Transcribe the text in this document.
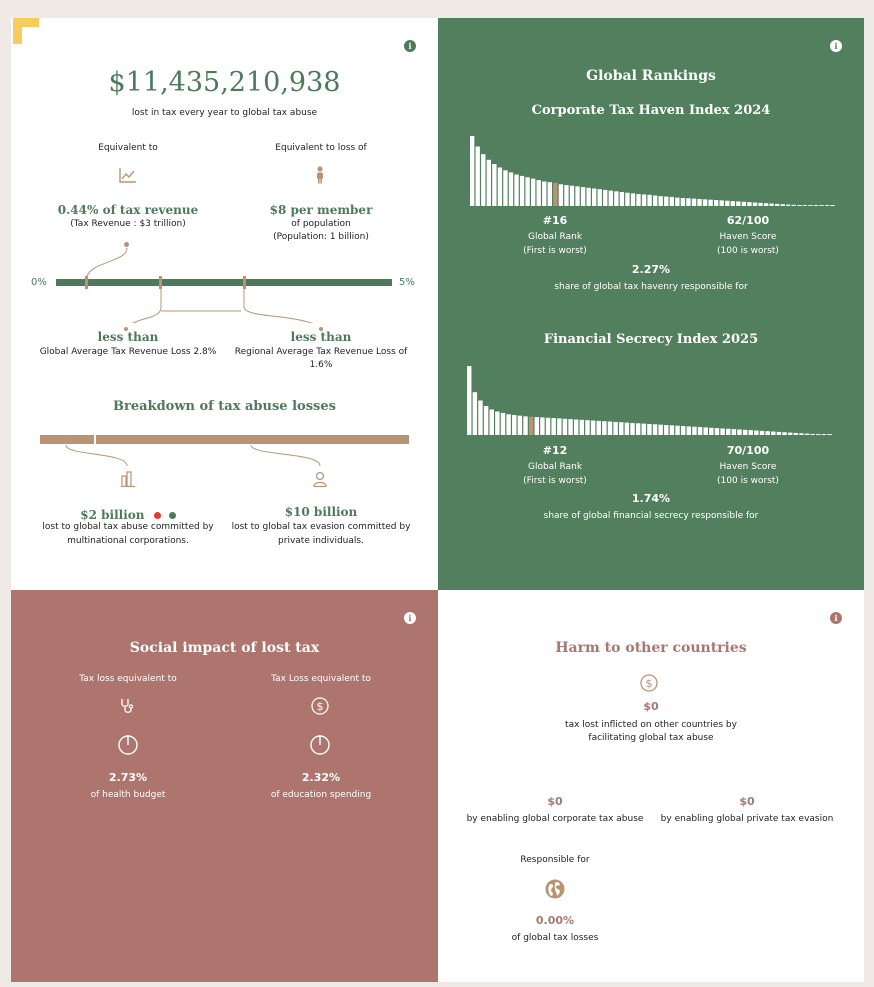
i
$11,435,210,938
lost in tax every year to global tax abuse
Equivalent to
0.44% of tax revenue
(Tax Revenue : $3 trillion)
Equivalent to loss of
$8 per member
of population
(Population: 1 billion)
0%	5%
less than
Global Average Tax Revenue Loss 2.8%
less than
Regional Average Tax Revenue Loss of
1.6%
Breakdown of tax abuse losses
$2 billion
lost to global tax abuse committed by
multinational corporations.
$10 billion
lost to global tax evasion committed by
private individuals.
i
Global Rankings
Corporate Tax Haven Index 2024
#16
Global Rank
(First is worst)
62/100
Haven Score
(100 is worst)
2.27%
share of global tax havenry responsible for
Financial Secrecy Index 2025
#12
Global Rank
(First is worst)
70/100
Haven Score
(100 is worst)
1.74%
share of global financial secrecy responsible for
i
Social impact of lost tax
Tax loss equivalent to	Tax Loss equivalent to
$
2.73%
of health budget
2.32%
of education spending
i
Harm to other countries
$
$0
tax lost inflicted on other countries by
facilitating global tax abuse
$0
by enabling global corporate tax abuse
$0
by enabling global private tax evasion
Responsible for
0.00%
of global tax losses
